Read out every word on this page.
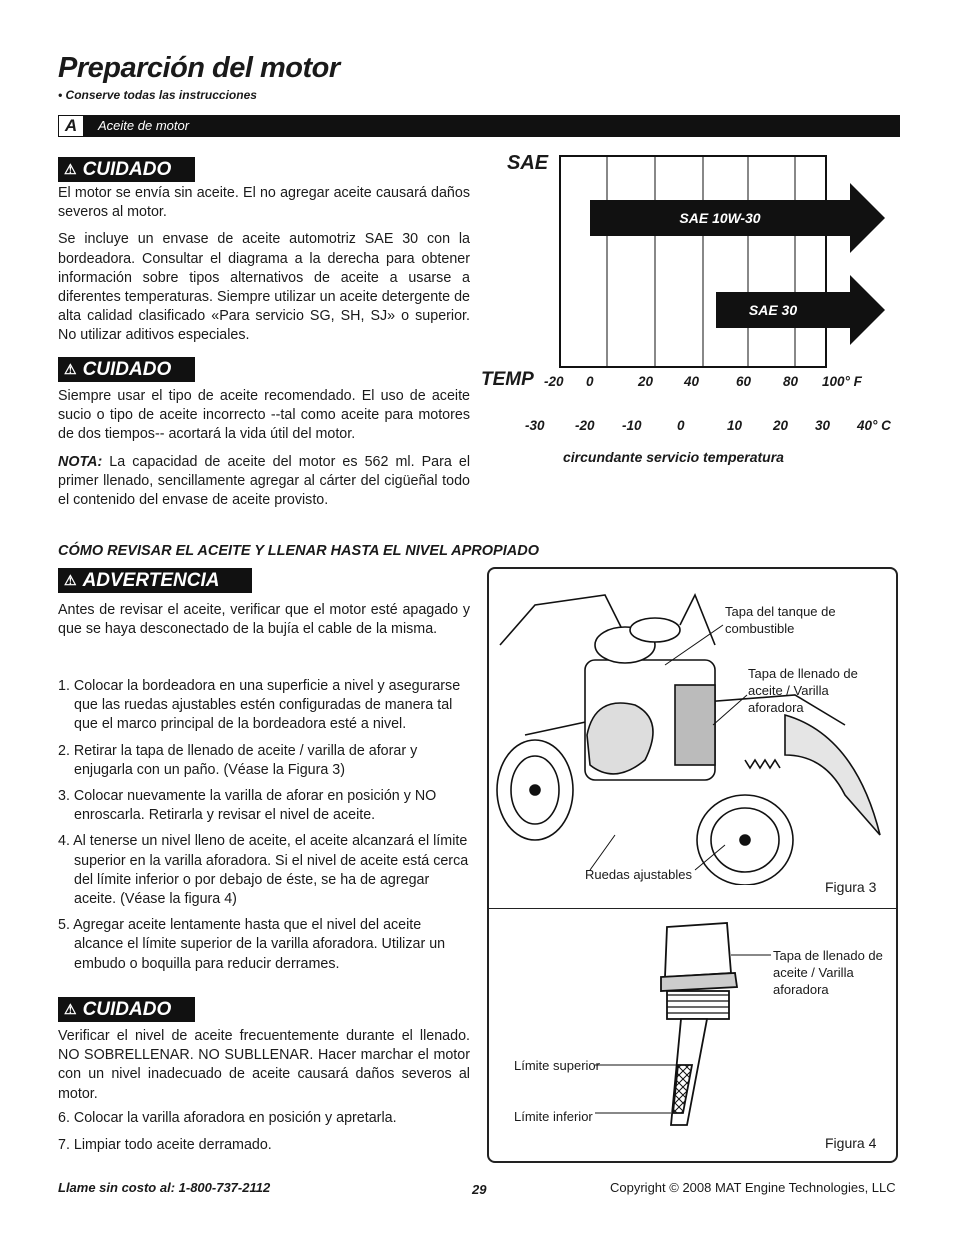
Preparción del motor
• Conserve todas las instrucciones
A	Aceite de motor
⚠ CUIDADO
El motor se envía sin aceite. El no agregar aceite causará daños severos al motor.
Se incluye un envase de aceite automotriz SAE 30 con la bordeadora. Consultar el diagrama a la derecha para obtener información sobre tipos alternativos de aceite a usarse a diferentes temperaturas. Siempre utilizar un aceite detergente de alta calidad clasificado «Para servicio SG, SH, SJ» o superior. No utilizar aditivos especiales.
⚠ CUIDADO
Siempre usar el tipo de aceite recomendado. El uso de aceite sucio o tipo de aceite incorrecto --tal como aceite para motores de dos tiempos-- acortará la vida útil del motor.
NOTA: La capacidad de aceite del motor es 562 ml. Para el primer llenado, sencillamente agregar al cárter del cigüeñal todo el contenido del envase de aceite provisto.
SAE
SAE 10W-30
SAE 30
TEMP -20 0	20 40	60 80 100° F
-30 -20 -10	0	10 20 30 40° C
circundante servicio temperatura
CÓMO REVISAR EL ACEITE Y LLENAR HASTA EL NIVEL APROPIADO
⚠ ADVERTENCIA
Antes de revisar el aceite, verificar que el motor esté apagado y que se haya desconectado de la bujía el cable de la misma.
1. Colocar la bordeadora en una superficie a nivel y asegurarse que las ruedas ajustables estén configuradas de manera tal que el marco principal de la bordeadora esté a nivel.
2. Retirar la tapa de llenado de aceite / varilla de aforar y enjugarla con un paño. (Véase la Figura 3)
3. Colocar nuevamente la varilla de aforar en posición y NO enroscarla. Retirarla y revisar el nivel de aceite.
4. Al tenerse un nivel lleno de aceite, el aceite alcanzará el límite superior en la varilla aforadora. Si el nivel de aceite está cerca del límite inferior o por debajo de éste, se ha de agregar aceite. (Véase la figura 4)
5. Agregar aceite lentamente hasta que el nivel del aceite alcance el límite superior de la varilla aforadora. Utilizar un embudo o boquilla para reducir derrames.
⚠ CUIDADO
Verificar el nivel de aceite frecuentemente durante el llenado. NO SOBRELLENAR. NO SUBLLENAR. Hacer marchar el motor con un nivel inadecuado de aceite causará daños severos al motor.
6. Colocar la varilla aforadora en posición y apretarla.
7. Limpiar todo aceite derramado.
Tapa del tanque de combustible
Tapa de llenado de aceite / Varilla aforadora
Ruedas ajustables
Figura 3
Tapa de llenado de aceite / Varilla aforadora
Límite superior
Límite inferior
Figura 4
Llame sin costo al: 1-800-737-2112	29	Copyright © 2008 MAT Engine Technologies, LLC
